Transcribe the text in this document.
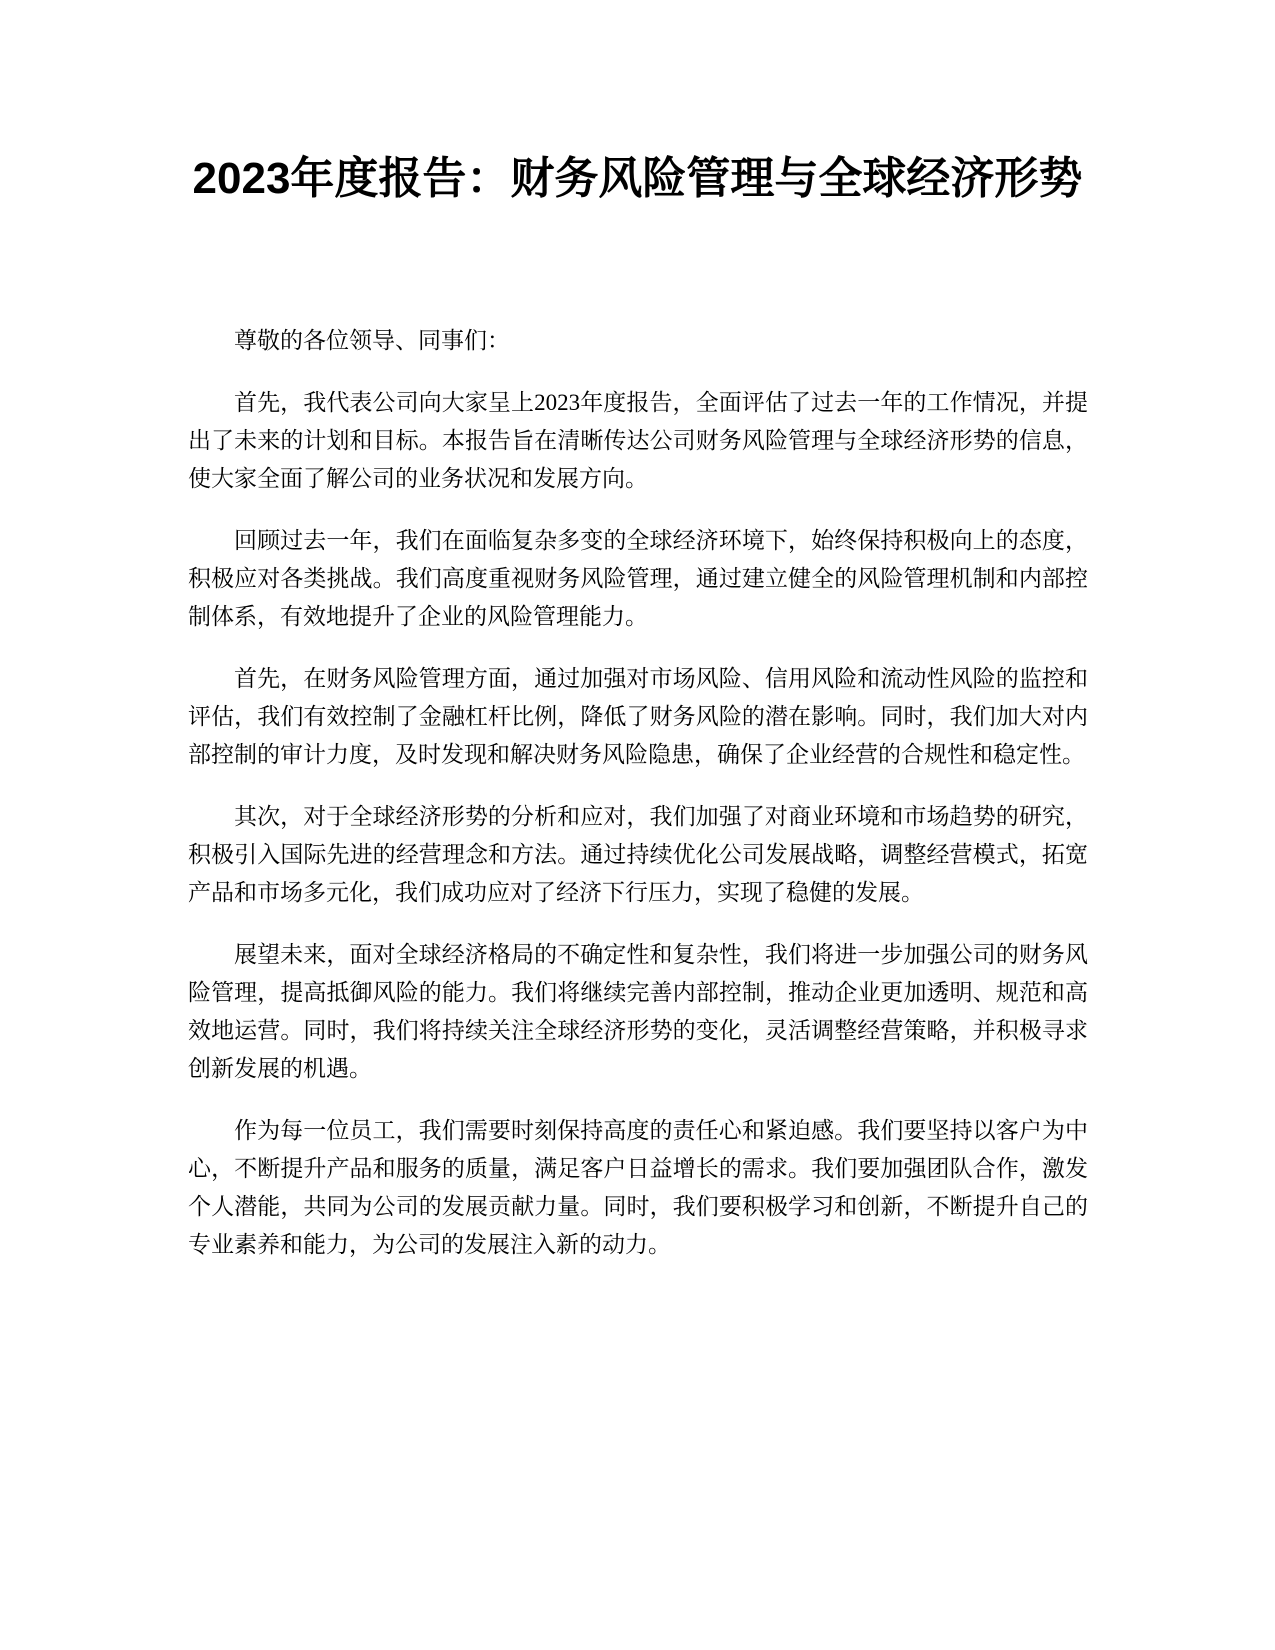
2023年度报告：财务风险管理与全球经济形势

尊敬的各位领导、同事们：

首先，我代表公司向大家呈上2023年度报告，全面评估了过去一年的工作情况，并提出了未来的计划和目标。本报告旨在清晰传达公司财务风险管理与全球经济形势的信息，使大家全面了解公司的业务状况和发展方向。

回顾过去一年，我们在面临复杂多变的全球经济环境下，始终保持积极向上的态度，积极应对各类挑战。我们高度重视财务风险管理，通过建立健全的风险管理机制和内部控制体系，有效地提升了企业的风险管理能力。

首先，在财务风险管理方面，通过加强对市场风险、信用风险和流动性风险的监控和评估，我们有效控制了金融杠杆比例，降低了财务风险的潜在影响。同时，我们加大对内部控制的审计力度，及时发现和解决财务风险隐患，确保了企业经营的合规性和稳定性。

其次，对于全球经济形势的分析和应对，我们加强了对商业环境和市场趋势的研究，积极引入国际先进的经营理念和方法。通过持续优化公司发展战略，调整经营模式，拓宽产品和市场多元化，我们成功应对了经济下行压力，实现了稳健的发展。

展望未来，面对全球经济格局的不确定性和复杂性，我们将进一步加强公司的财务风险管理，提高抵御风险的能力。我们将继续完善内部控制，推动企业更加透明、规范和高效地运营。同时，我们将持续关注全球经济形势的变化，灵活调整经营策略，并积极寻求创新发展的机遇。

作为每一位员工，我们需要时刻保持高度的责任心和紧迫感。我们要坚持以客户为中心，不断提升产品和服务的质量，满足客户日益增长的需求。我们要加强团队合作，激发个人潜能，共同为公司的发展贡献力量。同时，我们要积极学习和创新，不断提升自己的专业素养和能力，为公司的发展注入新的动力。
